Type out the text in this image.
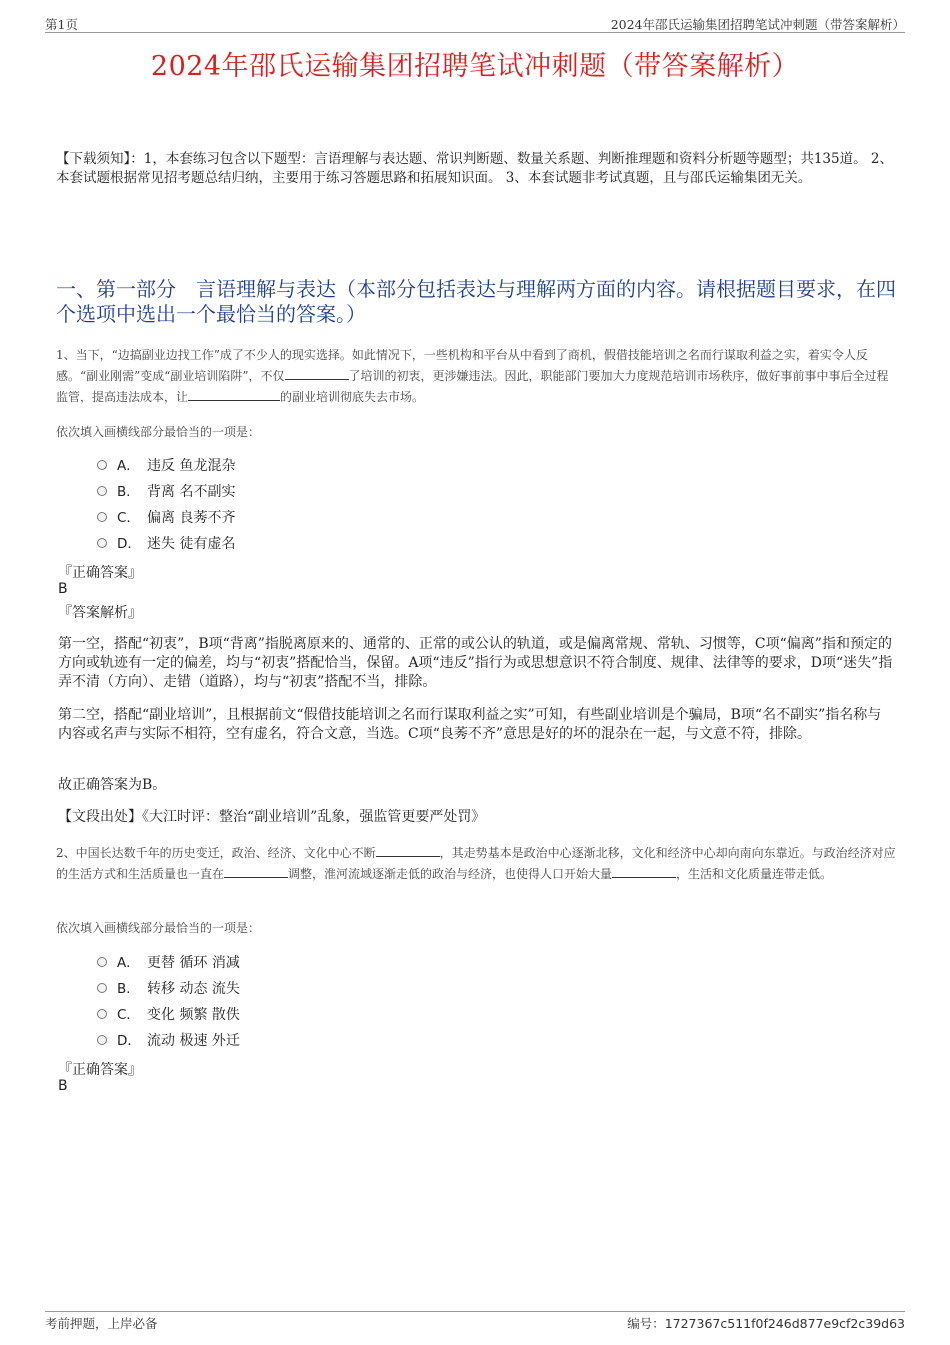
第1页	2024年邵氏运输集团招聘笔试冲刺题（带答案解析）
2024年邵氏运输集团招聘笔试冲刺题（带答案解析）
【下载须知】：1，本套练习包含以下题型：言语理解与表达题、常识判断题、数量关系题、判断推理题和资料分析题等题型；共135道。 2、本套试题根据常见招考题总结归纳，主要用于练习答题思路和拓展知识面。 3、本套试题非考试真题，且与邵氏运输集团无关。
一、第一部分　言语理解与表达（本部分包括表达与理解两方面的内容。请根据题目要求，在四个选项中选出一个最恰当的答案。）
1、当下，“边搞副业边找工作”成了不少人的现实选择。如此情况下，一些机构和平台从中看到了商机，假借技能培训之名而行谋取利益之实，着实令人反感。“副业刚需”变成“副业培训陷阱”，不仅	了培训的初衷，更涉嫌违法。因此，职能部门要加大力度规范培训市场秩序，做好事前事中事后全过程监管，提高违法成本，让	的副业培训彻底失去市场。
依次填入画横线部分最恰当的一项是：
A． 违反 鱼龙混杂
B． 背离 名不副实
C． 偏离 良莠不齐
D． 迷失 徒有虚名
『正确答案』
B
『答案解析』
第一空，搭配“初衷”，B项“背离”指脱离原来的、通常的、正常的或公认的轨道，或是偏离常规、常轨、习惯等，C项“偏离”指和预定的方向或轨迹有一定的偏差，均与“初衷”搭配恰当，保留。A项“违反”指行为或思想意识不符合制度、规律、法律等的要求，D项“迷失”指弄不清（方向）、走错（道路），均与“初衷”搭配不当，排除。
第二空，搭配“副业培训”，且根据前文“假借技能培训之名而行谋取利益之实”可知，有些副业培训是个骗局，B项“名不副实”指名称与内容或名声与实际不相符，空有虚名，符合文意，当选。C项“良莠不齐”意思是好的坏的混杂在一起，与文意不符，排除。
故正确答案为B。
【文段出处】《大江时评：整治“副业培训”乱象，强监管更要严处罚》
2、中国长达数千年的历史变迁，政治、经济、文化中心不断	，其走势基本是政治中心逐渐北移，文化和经济中心却向南向东靠近。与政治经济对应的生活方式和生活质量也一直在	调整，淮河流域逐渐走低的政治与经济，也使得人口开始大量	，生活和文化质量连带走低。
依次填入画横线部分最恰当的一项是：
A． 更替 循环 消减
B． 转移 动态 流失
C． 变化 频繁 散佚
D． 流动 极速 外迁
『正确答案』
B
考前押题，上岸必备	编号：1727367c511f0f246d877e9cf2c39d63
